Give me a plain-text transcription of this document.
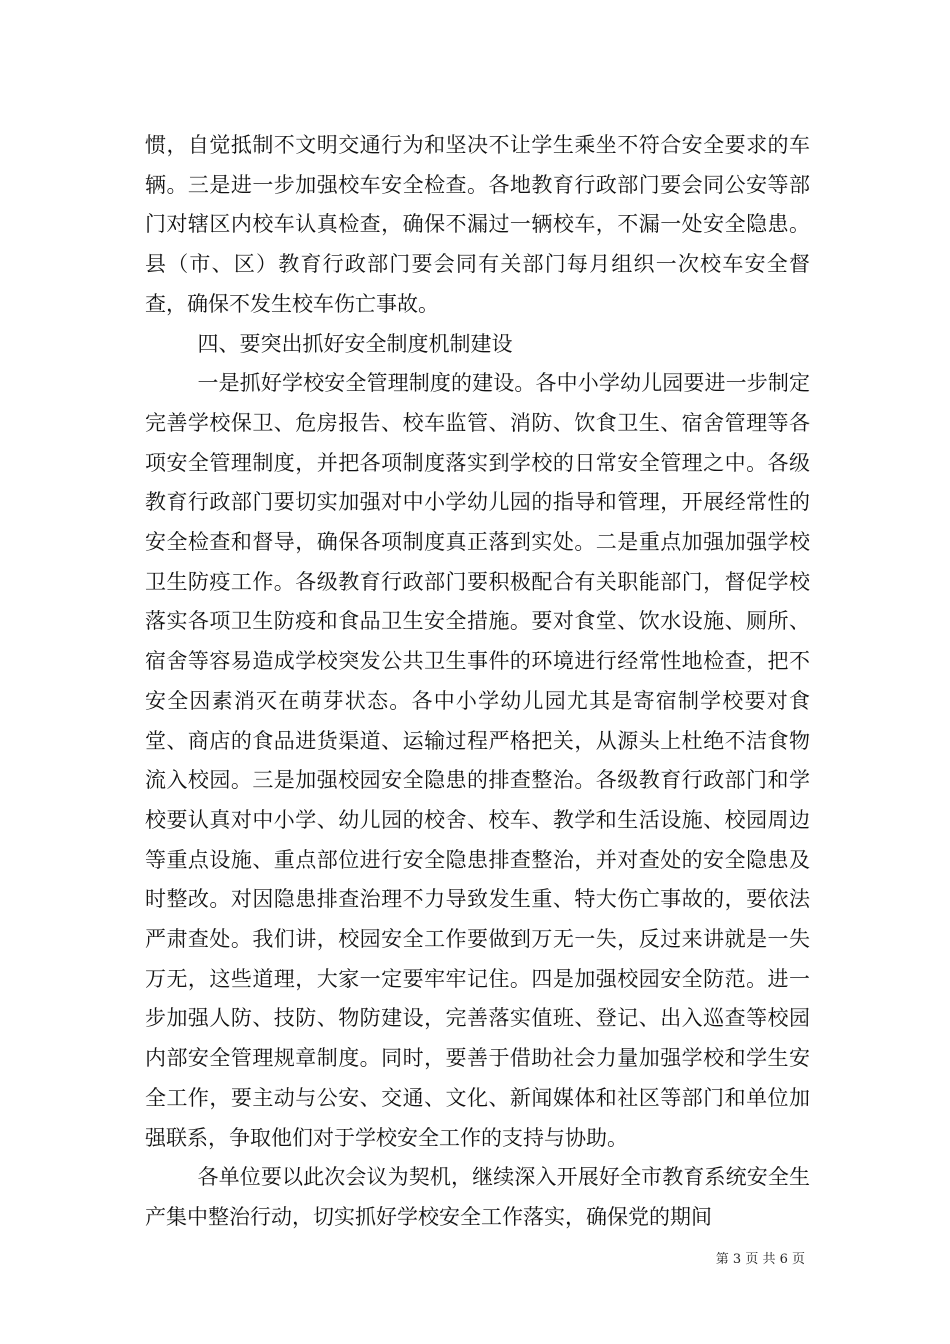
惯，自觉抵制不文明交通行为和坚决不让学生乘坐不符合安全要求的车辆。三是进一步加强校车安全检查。各地教育行政部门要会同公安等部门对辖区内校车认真检查，确保不漏过一辆校车，不漏一处安全隐患。县（市、区）教育行政部门要会同有关部门每月组织一次校车安全督查，确保不发生校车伤亡事故。

四、要突出抓好安全制度机制建设

一是抓好学校安全管理制度的建设。各中小学幼儿园要进一步制定完善学校保卫、危房报告、校车监管、消防、饮食卫生、宿舍管理等各项安全管理制度，并把各项制度落实到学校的日常安全管理之中。各级教育行政部门要切实加强对中小学幼儿园的指导和管理，开展经常性的安全检查和督导，确保各项制度真正落到实处。二是重点加强加强学校卫生防疫工作。各级教育行政部门要积极配合有关职能部门，督促学校落实各项卫生防疫和食品卫生安全措施。要对食堂、饮水设施、厕所、宿舍等容易造成学校突发公共卫生事件的环境进行经常性地检查，把不安全因素消灭在萌芽状态。各中小学幼儿园尤其是寄宿制学校要对食堂、商店的食品进货渠道、运输过程严格把关，从源头上杜绝不洁食物流入校园。三是加强校园安全隐患的排查整治。各级教育行政部门和学校要认真对中小学、幼儿园的校舍、校车、教学和生活设施、校园周边等重点设施、重点部位进行安全隐患排查整治，并对查处的安全隐患及时整改。对因隐患排查治理不力导致发生重、特大伤亡事故的，要依法严肃查处。我们讲，校园安全工作要做到万无一失，反过来讲就是一失万无，这些道理，大家一定要牢牢记住。四是加强校园安全防范。进一步加强人防、技防、物防建设，完善落实值班、登记、出入巡查等校园内部安全管理规章制度。同时，要善于借助社会力量加强学校和学生安全工作，要主动与公安、交通、文化、新闻媒体和社区等部门和单位加强联系，争取他们对于学校安全工作的支持与协助。

各单位要以此次会议为契机，继续深入开展好全市教育系统安全生产集中整治行动，切实抓好学校安全工作落实，确保党的期间

第 3 页 共 6 页
